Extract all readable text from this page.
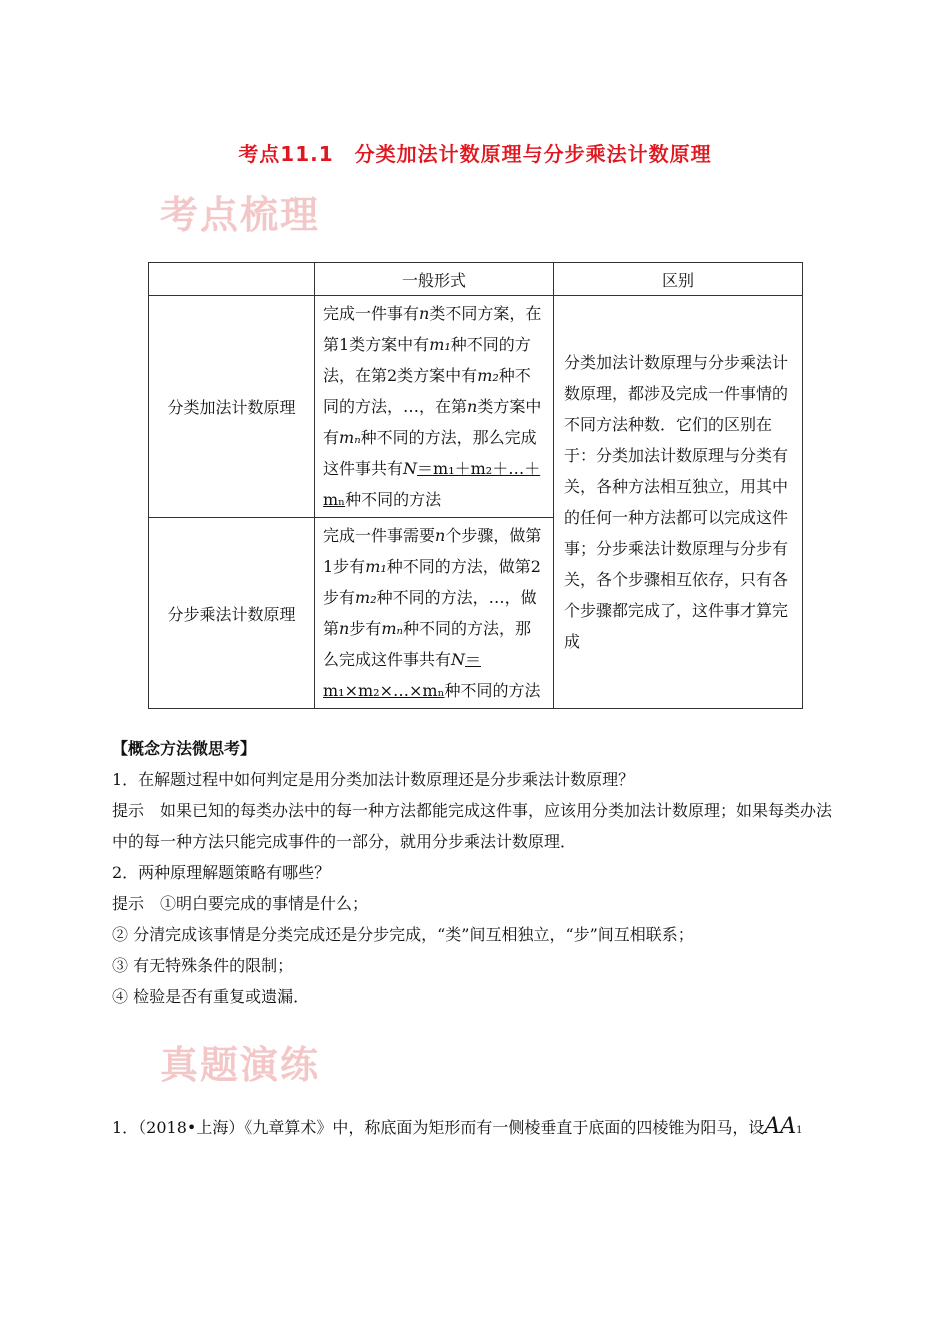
考点11.1　分类加法计数原理与分步乘法计数原理
考点梳理
	一般形式	区别
分类加法计数原理	完成一件事有n类不同方案，在第1类方案中有m₁种不同的方法，在第2类方案中有m₂种不同的方法，…，在第n类方案中有mₙ种不同的方法，那么完成这件事共有N＝m₁＋m₂＋…＋mₙ种不同的方法	分类加法计数原理与分步乘法计数原理，都涉及完成一件事情的不同方法种数．它们的区别在于：分类加法计数原理与分类有关，各种方法相互独立，用其中的任何一种方法都可以完成这件事；分步乘法计数原理与分步有关，各个步骤相互依存，只有各个步骤都完成了，这件事才算完成
分步乘法计数原理	完成一件事需要n个步骤，做第1步有m₁种不同的方法，做第2步有m₂种不同的方法，…，做第n步有mₙ种不同的方法，那么完成这件事共有N＝m₁×m₂×…×mₙ种不同的方法	

【概念方法微思考】

1．在解题过程中如何判定是用分类加法计数原理还是分步乘法计数原理？

提示　如果已知的每类办法中的每一种方法都能完成这件事，应该用分类加法计数原理；如果每类办法中的每一种方法只能完成事件的一部分，就用分步乘法计数原理．

2．两种原理解题策略有哪些？

提示　①明白要完成的事情是什么；

② 分清完成该事情是分类完成还是分步完成，“类”间互相独立，“步”间互相联系；

③ 有无特殊条件的限制；

④ 检验是否有重复或遗漏．

真题演练
1．（2018•上海）《九章算术》中，称底面为矩形而有一侧棱垂直于底面的四棱锥为阳马，设AA1
